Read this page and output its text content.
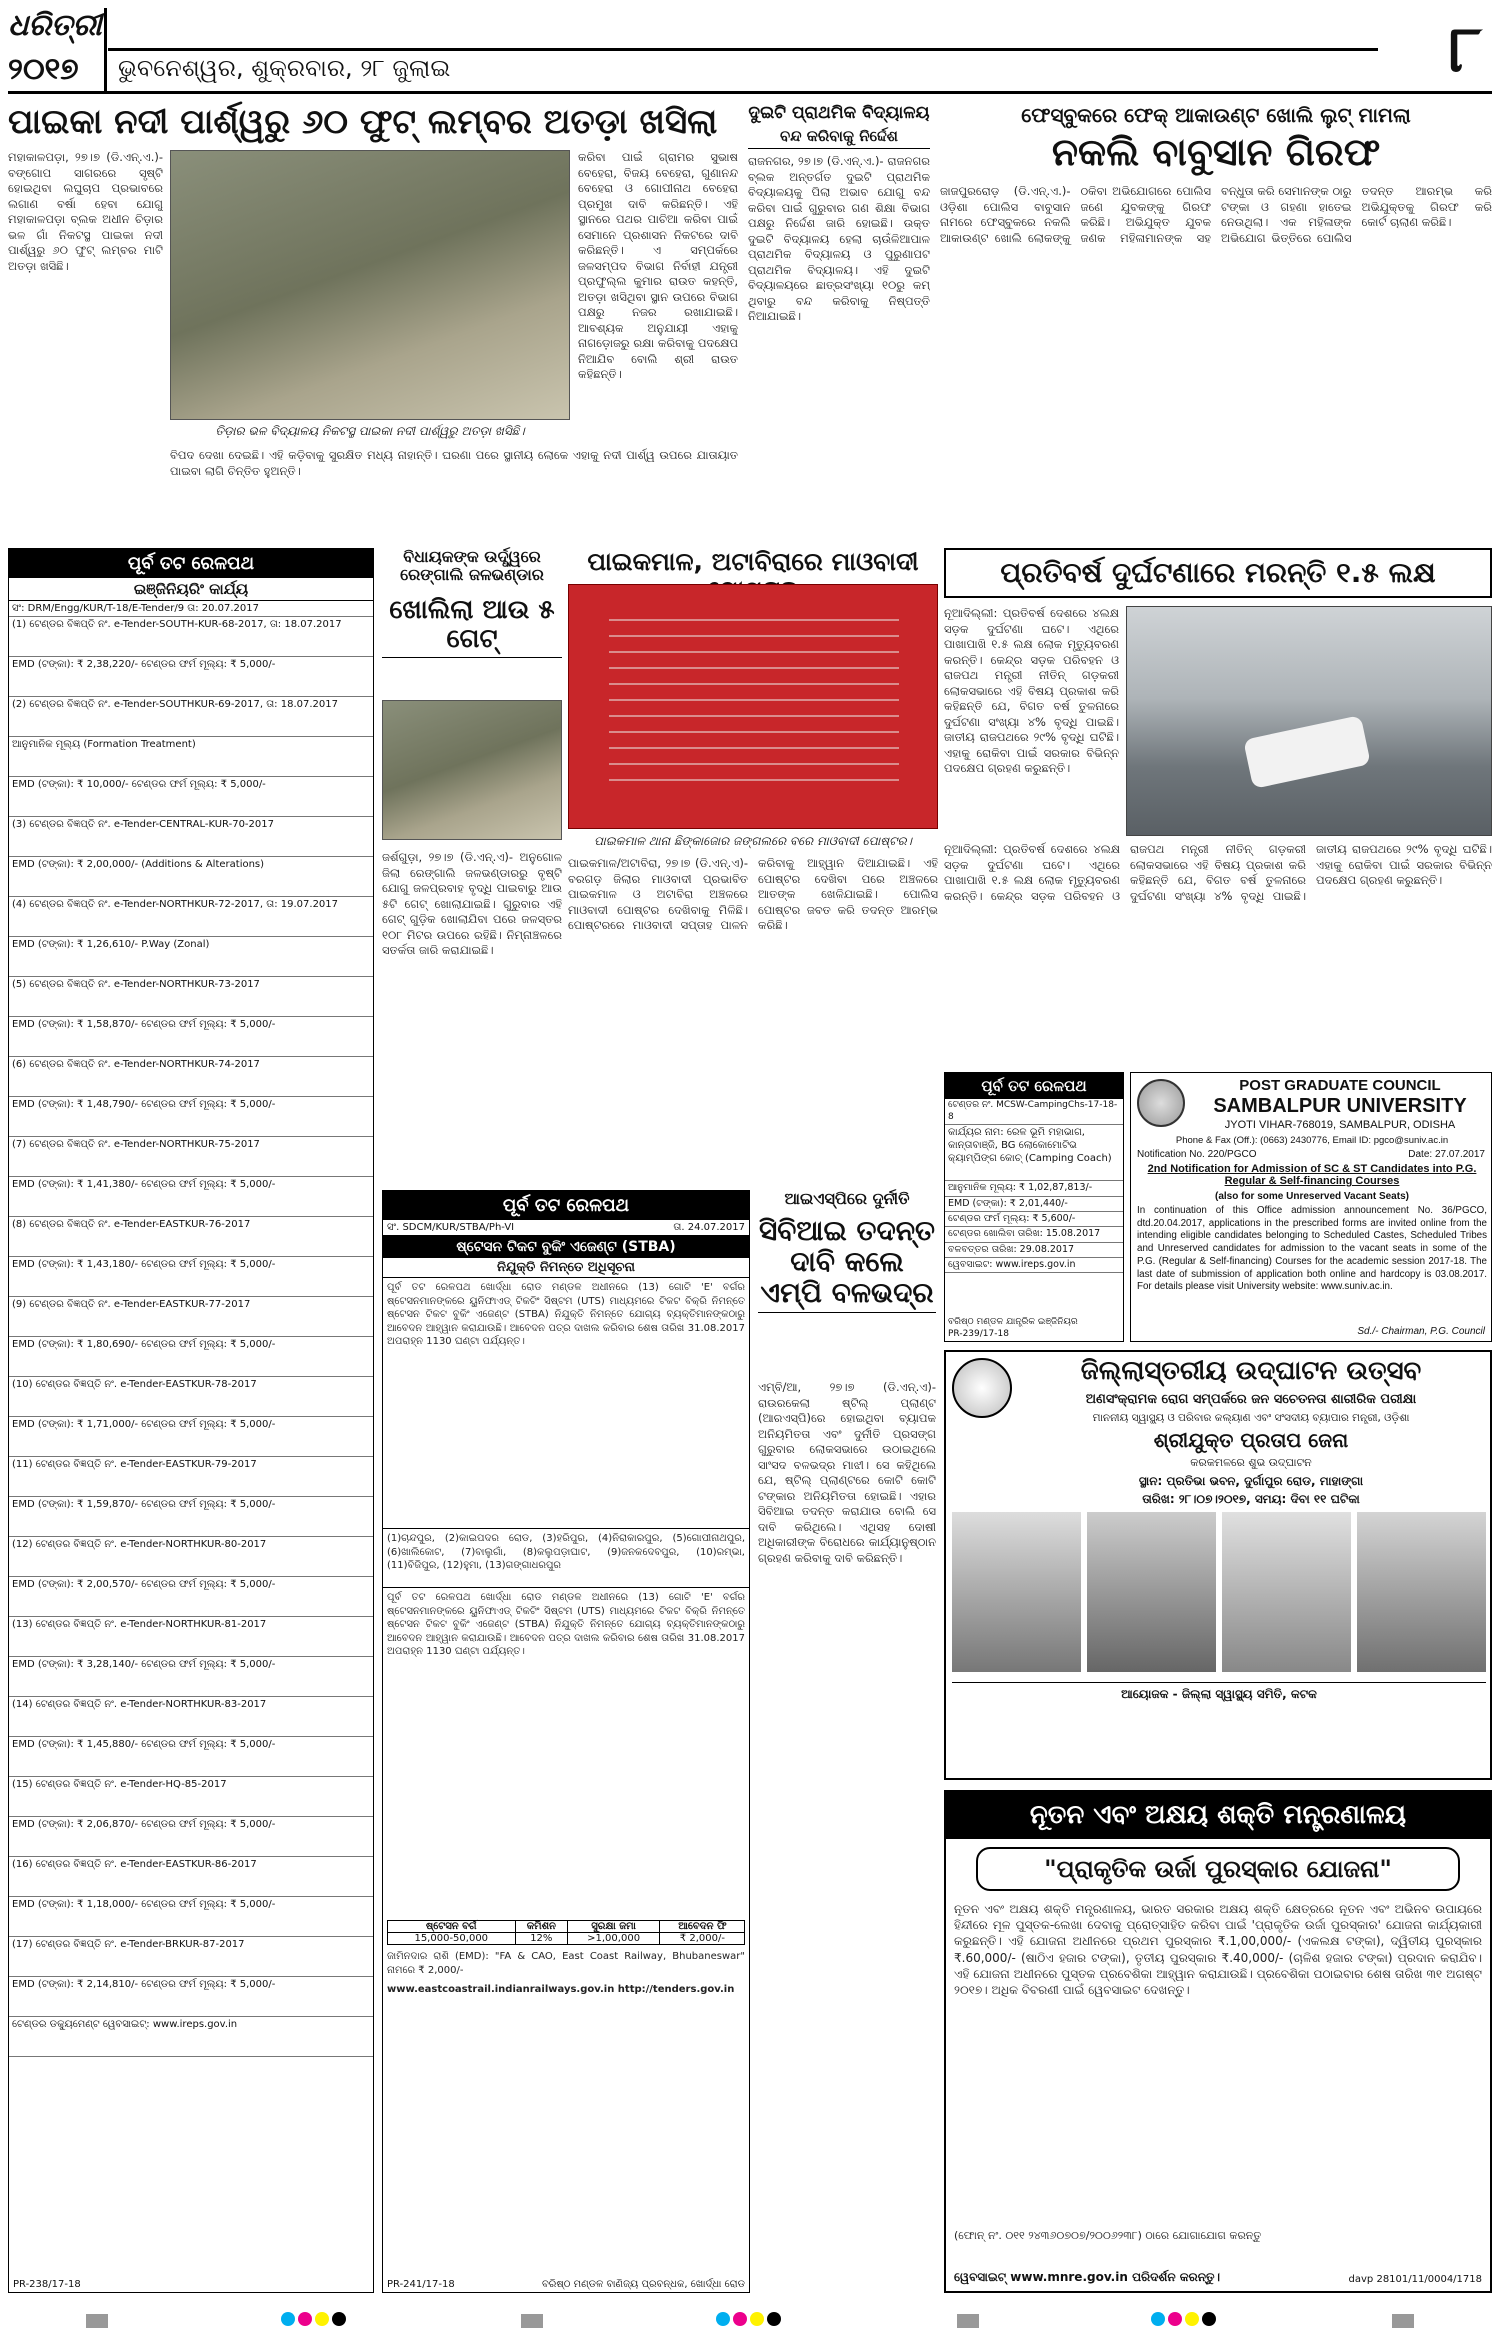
ଧରିତ୍ରୀ
୨୦୧୭ ଭୁବନେଶ୍ୱର, ଶୁକ୍ରବାର, ୨୮ ଜୁଲାଇ	୮
ପାଇକା ନଦୀ ପାର୍ଶ୍ୱରୁ ୬୦ ଫୁଟ୍ ଲମ୍ବର ଅତଡ଼ା ଖସିଲା
ମହାକାଳପଡ଼ା, ୨୭।୭ (ଡି.ଏନ୍.ଏ.)- ବଙ୍ଗୋପ ସାଗରରେ ସୃଷ୍ଟି ହୋଇଥିବା ଲଘୁଚାପ ପ୍ରଭାବରେ ଲଗାଣ ବର୍ଷା ହେବା ଯୋଗୁ ମହାକାଳପଡ଼ା ବ୍ଲକ ଅଧୀନ ଚିଡ଼ାର ଭଳ ଗାଁ ନିକଟସ୍ଥ ପାଇକା ନଦୀ ପାର୍ଶ୍ୱରୁ ୬୦ ଫୁଟ୍ ଲମ୍ବର ମାଟି ଅତଡ଼ା ଖସିଛି।
ତିଡ଼ାର ଭଳ ବିଦ୍ୟାଳୟ ନିକଟସ୍ଥ ପାଇକା ନଦୀ ପାର୍ଶ୍ୱରୁ ଅତଡ଼ା ଖସିଛି।
କରିବା ପାଇଁ ଗ୍ରାମର ସୁଭାଷ ବେହେରା, ବିଜୟ ବେହେରା, ଗୁଣାନନ୍ଦ ବେହେରା ଓ ଗୋପୀନାଥ ବେହେରା ପ୍ରମୁଖ ଦାବି କରିଛନ୍ତି। ଏହି ସ୍ଥାନରେ ପଥର ପାଚିଆ କରିବା ପାଇଁ ସେମାନେ ପ୍ରଶାସନ ନିକଟରେ ଦାବି କରିଛନ୍ତି। ଏ ସମ୍ପର୍କରେ ଜଳସମ୍ପଦ ବିଭାଗ ନିର୍ବାହୀ ଯନ୍ତ୍ରୀ ପ୍ରଫୁଲ୍ଲ କୁମାର ରାଉତ କହନ୍ତି, ଅତଡ଼ା ଖସିଥିବା ସ୍ଥାନ ଉପରେ ବିଭାଗ ପକ୍ଷରୁ ନଜର ରଖାଯାଇଛି। ଆବଶ୍ୟକ ଅନୁଯାୟୀ ଏହାକୁ ନାଗଡ଼ୋଜରୁ ରକ୍ଷା କରିବାକୁ ପଦକ୍ଷେପ ନିଆଯିବ ବୋଲି ଶ୍ରୀ ରାଉତ କହିଛନ୍ତି।
ବିପଦ ଦେଖା ଦେଇଛି। ଏହି କଡ଼ିବାକୁ ସୁରକ୍ଷିତ ମଧ୍ୟ ନାହାନ୍ତି। ଘରଣା ପରେ ସ୍ଥାନୀୟ ଲୋକେ ଏହାକୁ ନଦୀ ପାର୍ଶ୍ୱ ଉପରେ ଯାତାୟାତ ପାଇବା ଲାଗି ଚିନ୍ତିତ ହୁଅନ୍ତି।
ଦୁଇଟି ପ୍ରାଥମିକ ବିଦ୍ୟାଳୟ
ବନ୍ଦ କରିବାକୁ ନିର୍ଦ୍ଦେଶ
ରାଜନଗର, ୨୭।୭ (ଡି.ଏନ୍.ଏ.)- ରାଜନଗର ବ୍ଲକ ଅନ୍ତର୍ଗତ ଦୁଇଟି ପ୍ରାଥମିକ ବିଦ୍ୟାଳୟକୁ ପିଲା ଅଭାବ ଯୋଗୁ ବନ୍ଦ କରିବା ପାଇଁ ଗୁରୁବାର ଗଣ ଶିକ୍ଷା ବିଭାଗ ପକ୍ଷରୁ ନିର୍ଦ୍ଦେଶ ଜାରି ହୋଇଛି। ଉକ୍ତ ଦୁଇଟି ବିଦ୍ୟାଳୟ ହେଲା ଚାଉଁଳିଆପାଳ ପ୍ରାଥମିକ ବିଦ୍ୟାଳୟ ଓ ପୁରୁଣାପଟ ପ୍ରାଥମିକ ବିଦ୍ୟାଳୟ। ଏହି ଦୁଇଟି ବିଦ୍ୟାଳୟରେ ଛାତ୍ରସଂଖ୍ୟା ୧୦ରୁ କମ୍ ଥିବାରୁ ବନ୍ଦ କରିବାକୁ ନିଷ୍ପତ୍ତି ନିଆଯାଇଛି।
ଫେସ୍‌ବୁକରେ ଫେକ୍ ଆକାଉଣ୍ଟ ଖୋଲି ଲୁଟ୍ ମାମଲା
ନକଲି ବାବୁସାନ ଗିରଫ
ଜାଜପୁରରୋଡ଼ (ଡି.ଏନ୍.ଏ.)- ଓଡ଼ିଶା ପୋଲିସ ବାବୁସାନ ନାମରେ ଫେସ୍‌ବୁକରେ ନକଲି ଆକାଉଣ୍ଟ ଖୋଲି ଲୋକଙ୍କୁ ଠକିବା ଅଭିଯୋଗରେ ପୋଲିସ ଜଣେ ଯୁବକଙ୍କୁ ଗିରଫ କରିଛି। ଅଭିଯୁକ୍ତ ଯୁବକ ଜଣକ ମହିଳାମାନଙ୍କ ସହ ବନ୍ଧୁତା କରି ସେମାନଙ୍କ ଠାରୁ ଟଙ୍କା ଓ ଗହଣା ହାତେଇ ନେଉଥିଲା। ଏକ ମହିଳାଙ୍କ ଅଭିଯୋଗ ଭିତ୍ତିରେ ପୋଲିସ ତଦନ୍ତ ଆରମ୍ଭ କରି ଅଭିଯୁକ୍ତକୁ ଗିରଫ କରି କୋର୍ଟ ଚାଲାଣ କରିଛି।
ପୂର୍ବ ତଟ ରେଳପଥ
ଇଞ୍ଜିନିୟରିଂ କାର୍ଯ୍ୟ
ସଂ: DRM/Engg/KUR/T-18/E-Tender/9 ତା: 20.07.2017
(1) ଟେଣ୍ଡର ବିଜ୍ଞପ୍ତି ନଂ. e-Tender-SOUTH-KUR-68-2017, ତା: 18.07.2017
EMD (ଟଙ୍କା): ₹ 2,38,220/- ଟେଣ୍ଡର ଫର୍ମ ମୂଲ୍ୟ: ₹ 5,000/-
(2) ଟେଣ୍ଡର ବିଜ୍ଞପ୍ତି ନଂ. e-Tender-SOUTHKUR-69-2017, ତା: 18.07.2017
ଆନୁମାନିକ ମୂଲ୍ୟ (Formation Treatment)
EMD (ଟଙ୍କା): ₹ 10,000/- ଟେଣ୍ଡର ଫର୍ମ ମୂଲ୍ୟ: ₹ 5,000/-
(3) ଟେଣ୍ଡର ବିଜ୍ଞପ୍ତି ନଂ. e-Tender-CENTRAL-KUR-70-2017
EMD (ଟଙ୍କା): ₹ 2,00,000/- (Additions & Alterations)
(4) ଟେଣ୍ଡର ବିଜ୍ଞପ୍ତି ନଂ. e-Tender-NORTHKUR-72-2017, ତା: 19.07.2017
EMD (ଟଙ୍କା): ₹ 1,26,610/- P.Way (Zonal)
(5) ଟେଣ୍ଡର ବିଜ୍ଞପ୍ତି ନଂ. e-Tender-NORTHKUR-73-2017
EMD (ଟଙ୍କା): ₹ 1,58,870/- ଟେଣ୍ଡର ଫର୍ମ ମୂଲ୍ୟ: ₹ 5,000/-
(6) ଟେଣ୍ଡର ବିଜ୍ଞପ୍ତି ନଂ. e-Tender-NORTHKUR-74-2017
EMD (ଟଙ୍କା): ₹ 1,48,790/- ଟେଣ୍ଡର ଫର୍ମ ମୂଲ୍ୟ: ₹ 5,000/-
(7) ଟେଣ୍ଡର ବିଜ୍ଞପ୍ତି ନଂ. e-Tender-NORTHKUR-75-2017
EMD (ଟଙ୍କା): ₹ 1,41,380/- ଟେଣ୍ଡର ଫର୍ମ ମୂଲ୍ୟ: ₹ 5,000/-
(8) ଟେଣ୍ଡର ବିଜ୍ଞପ୍ତି ନଂ. e-Tender-EASTKUR-76-2017
EMD (ଟଙ୍କା): ₹ 1,43,180/- ଟେଣ୍ଡର ଫର୍ମ ମୂଲ୍ୟ: ₹ 5,000/-
(9) ଟେଣ୍ଡର ବିଜ୍ଞପ୍ତି ନଂ. e-Tender-EASTKUR-77-2017
EMD (ଟଙ୍କା): ₹ 1,80,690/- ଟେଣ୍ଡର ଫର୍ମ ମୂଲ୍ୟ: ₹ 5,000/-
(10) ଟେଣ୍ଡର ବିଜ୍ଞପ୍ତି ନଂ. e-Tender-EASTKUR-78-2017
EMD (ଟଙ୍କା): ₹ 1,71,000/- ଟେଣ୍ଡର ଫର୍ମ ମୂଲ୍ୟ: ₹ 5,000/-
(11) ଟେଣ୍ଡର ବିଜ୍ଞପ୍ତି ନଂ. e-Tender-EASTKUR-79-2017
EMD (ଟଙ୍କା): ₹ 1,59,870/- ଟେଣ୍ଡର ଫର୍ମ ମୂଲ୍ୟ: ₹ 5,000/-
(12) ଟେଣ୍ଡର ବିଜ୍ଞପ୍ତି ନଂ. e-Tender-NORTHKUR-80-2017
EMD (ଟଙ୍କା): ₹ 2,00,570/- ଟେଣ୍ଡର ଫର୍ମ ମୂଲ୍ୟ: ₹ 5,000/-
(13) ଟେଣ୍ଡର ବିଜ୍ଞପ୍ତି ନଂ. e-Tender-NORTHKUR-81-2017
EMD (ଟଙ୍କା): ₹ 3,28,140/- ଟେଣ୍ଡର ଫର୍ମ ମୂଲ୍ୟ: ₹ 5,000/-
(14) ଟେଣ୍ଡର ବିଜ୍ଞପ୍ତି ନଂ. e-Tender-NORTHKUR-83-2017
EMD (ଟଙ୍କା): ₹ 1,45,880/- ଟେଣ୍ଡର ଫର୍ମ ମୂଲ୍ୟ: ₹ 5,000/-
(15) ଟେଣ୍ଡର ବିଜ୍ଞପ୍ତି ନଂ. e-Tender-HQ-85-2017
EMD (ଟଙ୍କା): ₹ 2,06,870/- ଟେଣ୍ଡର ଫର୍ମ ମୂଲ୍ୟ: ₹ 5,000/-
(16) ଟେଣ୍ଡର ବିଜ୍ଞପ୍ତି ନଂ. e-Tender-EASTKUR-86-2017
EMD (ଟଙ୍କା): ₹ 1,18,000/- ଟେଣ୍ଡର ଫର୍ମ ମୂଲ୍ୟ: ₹ 5,000/-
(17) ଟେଣ୍ଡର ବିଜ୍ଞପ୍ତି ନଂ. e-Tender-BRKUR-87-2017
EMD (ଟଙ୍କା): ₹ 2,14,810/- ଟେଣ୍ଡର ଫର୍ମ ମୂଲ୍ୟ: ₹ 5,000/-
ଟେଣ୍ଡର ଡକ୍ୟୁମେଣ୍ଟ ୱେବସାଇଟ୍: www.ireps.gov.in
PR-238/17-18
ବିଧାୟକଙ୍କ ଉର୍ଦ୍ଧ୍ୱରେ ରେଙ୍ଗାଲି ଜଳଭଣ୍ଡାର
ଖୋଲିଲା ଆଉ ୫ ଗେଟ୍
ଜର୍ଶଗୁଡ଼ା, ୨୭।୭ (ଡି.ଏନ୍.ଏ)- ଅନୁଗୋଳ ଜିଲା ରେଙ୍ଗାଲି ଜଳଭଣ୍ଡାରରୁ ବୃଷ୍ଟି ଯୋଗୁ ଜଳପ୍ରବାହ ବୃଦ୍ଧି ପାଇବାରୁ ଆଉ ୫ଟି ଗେଟ୍ ଖୋଲାଯାଇଛି। ଗୁରୁବାର ଏହି ଗେଟ୍ ଗୁଡ଼ିକ ଖୋଲାଯିବା ପରେ ଜଳସ୍ତର ୧୦୮ ମିଟର ଉପରେ ରହିଛି। ନିମ୍ନାଞ୍ଚଳରେ ସତର୍କତା ଜାରି କରାଯାଇଛି।
ପାଇକମାଳ, ଅଟାବିରାରେ ମାଓବାଦୀ
ପାଇକମାଳ ଥାନା ଛିଙ୍କାଜୋର ଜଙ୍ଗଲରେ ବରେ ମାଓବାଦୀ ପୋଷ୍ଟର।
ପାଇକମାଳ/ଅଟାବିରା, ୨୭।୭ (ଡି.ଏନ୍.ଏ)- ବରଗଡ଼ ଜିଲାର ମାଓବାଦୀ ପ୍ରଭାବିତ ପାଇକମାଳ ଓ ଅଟାବିରା ଅଞ୍ଚଳରେ ମାଓବାଦୀ ପୋଷ୍ଟର ଦେଖିବାକୁ ମିଳିଛି। ପୋଷ୍ଟରରେ ମାଓବାଦୀ ସପ୍ତାହ ପାଳନ କରିବାକୁ ଆହ୍ୱାନ ଦିଆଯାଇଛି। ଏହି ପୋଷ୍ଟର ଦେଖିବା ପରେ ଅଞ୍ଚଳରେ ଆତଙ୍କ ଖେଳିଯାଇଛି। ପୋଲିସ ପୋଷ୍ଟର ଜବତ କରି ତଦନ୍ତ ଆରମ୍ଭ କରିଛି।
ପ୍ରତିବର୍ଷ ଦୁର୍ଘଟଣାରେ ମରନ୍ତି ୧.୫ ଲକ୍ଷ
ନୂଆଦିଲ୍ଲୀ: ପ୍ରତିବର୍ଷ ଦେଶରେ ୪ଲକ୍ଷ ସଡ଼କ ଦୁର୍ଘଟଣା ଘଟେ। ଏଥିରେ ପାଖାପାଖି ୧.୫ ଲକ୍ଷ ଲୋକ ମୃତ୍ୟୁବରଣ କରନ୍ତି। କେନ୍ଦ୍ର ସଡ଼କ ପରିବହନ ଓ ରାଜପଥ ମନ୍ତ୍ରୀ ନୀତିନ୍ ଗଡ଼କରୀ ଲୋକସଭାରେ ଏହି ବିଷୟ ପ୍ରକାଶ କରି କହିଛନ୍ତି ଯେ, ବିଗତ ବର୍ଷ ତୁଳନାରେ ଦୁର୍ଘଟଣା ସଂଖ୍ୟା ୪% ବୃଦ୍ଧି ପାଇଛି। ଜାତୀୟ ରାଜପଥରେ ୨୯% ବୃଦ୍ଧି ଘଟିଛି। ଏହାକୁ ରୋକିବା ପାଇଁ ସରକାର ବିଭିନ୍ନ ପଦକ୍ଷେପ ଗ୍ରହଣ କରୁଛନ୍ତି।
ନୂଆଦିଲ୍ଲୀ: ପ୍ରତିବର୍ଷ ଦେଶରେ ୪ଲକ୍ଷ ସଡ଼କ ଦୁର୍ଘଟଣା ଘଟେ। ଏଥିରେ ପାଖାପାଖି ୧.୫ ଲକ୍ଷ ଲୋକ ମୃତ୍ୟୁବରଣ କରନ୍ତି। କେନ୍ଦ୍ର ସଡ଼କ ପରିବହନ ଓ ରାଜପଥ ମନ୍ତ୍ରୀ ନୀତିନ୍ ଗଡ଼କରୀ ଲୋକସଭାରେ ଏହି ବିଷୟ ପ୍ରକାଶ କରି କହିଛନ୍ତି ଯେ, ବିଗତ ବର୍ଷ ତୁଳନାରେ ଦୁର୍ଘଟଣା ସଂଖ୍ୟା ୪% ବୃଦ୍ଧି ପାଇଛି। ଜାତୀୟ ରାଜପଥରେ ୨୯% ବୃଦ୍ଧି ଘଟିଛି। ଏହାକୁ ରୋକିବା ପାଇଁ ସରକାର ବିଭିନ୍ନ ପଦକ୍ଷେପ ଗ୍ରହଣ କରୁଛନ୍ତି।
ପୂର୍ବ ତଟ ରେଳପଥ
ସଂ. SDCM/KUR/STBA/Ph-VI	ତା. 24.07.2017
ଷ୍ଟେସନ ଟିକଟ ବୁକିଂ ଏଜେଣ୍ଟ (STBA)
ନିଯୁକ୍ତି ନିମନ୍ତେ ଅଧିସୂଚନା
ପୂର୍ବ ତଟ ରେଳପଥ ଖୋର୍ଦ୍ଧା ରୋଡ ମଣ୍ଡଳ ଅଧୀନରେ (13) ଗୋଟି 'E' ବର୍ଗର ଷ୍ଟେସନମାନଙ୍କରେ ୟୁନିଫାଏଡ୍ ଟିକଟିଂ ସିଷ୍ଟମ (UTS) ମାଧ୍ୟମରେ ଟିକଟ ବିକ୍ରି ନିମନ୍ତେ ଷ୍ଟେସନ ଟିକଟ ବୁକିଂ ଏଜେଣ୍ଟ (STBA) ନିଯୁକ୍ତି ନିମନ୍ତେ ଯୋଗ୍ୟ ବ୍ୟକ୍ତିମାନଙ୍କଠାରୁ ଆବେଦନ ଆହ୍ୱାନ କରାଯାଉଛି। ଆବେଦନ ପତ୍ର ଦାଖଲ କରିବାର ଶେଷ ତାରିଖ 31.08.2017 ଅପରାହ୍ନ 1130 ଘଣ୍ଟା ପର୍ଯ୍ୟନ୍ତ।
(1)ଚାନ୍ଦପୁର, (2)କାଇପଦର ରୋଡ, (3)ହରିପୁର, (4)ନିରାକାରପୁର, (5)ଗୋପୀନାଥପୁର, (6)ଖାଲିକୋଟ, (7)ବାଲୁଗାଁ, (8)କଲୁପଡ଼ାଘାଟ, (9)ଜନକଦେବପୁର, (10)ରମ୍ଭା, (11)ବିଜିପୁର, (12)ହୁମା, (13)ଗଙ୍ଗାଧରପୁର
ପୂର୍ବ ତଟ ରେଳପଥ ଖୋର୍ଦ୍ଧା ରୋଡ ମଣ୍ଡଳ ଅଧୀନରେ (13) ଗୋଟି 'E' ବର୍ଗର ଷ୍ଟେସନମାନଙ୍କରେ ୟୁନିଫାଏଡ୍ ଟିକଟିଂ ସିଷ୍ଟମ (UTS) ମାଧ୍ୟମରେ ଟିକଟ ବିକ୍ରି ନିମନ୍ତେ ଷ୍ଟେସନ ଟିକଟ ବୁକିଂ ଏଜେଣ୍ଟ (STBA) ନିଯୁକ୍ତି ନିମନ୍ତେ ଯୋଗ୍ୟ ବ୍ୟକ୍ତିମାନଙ୍କଠାରୁ ଆବେଦନ ଆହ୍ୱାନ କରାଯାଉଛି। ଆବେଦନ ପତ୍ର ଦାଖଲ କରିବାର ଶେଷ ତାରିଖ 31.08.2017 ଅପରାହ୍ନ 1130 ଘଣ୍ଟା ପର୍ଯ୍ୟନ୍ତ।
ଷ୍ଟେସନ ବର୍ଗ	କମିଶନ	ସୁରକ୍ଷା ଜମା	ଆବେଦନ ଫି
15,000-50,000	12%	>1,00,000	₹ 2,000/-
ଜାମିନଦାର ରାଶି (EMD): "FA & CAO, East Coast Railway, Bhubaneswar" ନାମରେ ₹ 2,000/-
www.eastcoastrail.indianrailways.gov.in http://tenders.gov.in
PR-241/17-18	ବରିଷ୍ଠ ମଣ୍ଡଳ ବାଣିଜ୍ୟ ପ୍ରବନ୍ଧକ, ଖୋର୍ଦ୍ଧା ରୋଡ
ଆଇଏସ୍‌ପିରେ ଦୁର୍ନୀତି
ସିବିଆଇ ତଦନ୍ତ ଦାବି କଲେ ଏମ୍‌ପି ବଳଭଦ୍ର
ଏମ୍‌ବି/ଆ, ୨୭।୭ (ଡି.ଏନ୍.ଏ)- ରାଉରକେଲା ଷ୍ଟିଲ୍ ପ୍ଲାଣ୍ଟ (ଆରଏସ୍‌ପି)ରେ ହୋଇଥିବା ବ୍ୟାପକ ଅନିୟମିତତା ଏବଂ ଦୁର୍ନୀତି ପ୍ରସଙ୍ଗ ଗୁରୁବାର ଲୋକସଭାରେ ଉଠାଇଥିଲେ ସାଂସଦ ବଳଭଦ୍ର ମାଝୀ। ସେ କହିଥିଲେ ଯେ, ଷ୍ଟିଲ୍ ପ୍ଲାଣ୍ଟରେ କୋଟି କୋଟି ଟଙ୍କାର ଅନିୟମିତତା ହୋଇଛି। ଏହାର ସିବିଆଇ ତଦନ୍ତ କରାଯାଉ ବୋଲି ସେ ଦାବି କରିଥିଲେ। ଏଥିସହ ଦୋଷୀ ଅଧିକାରୀଙ୍କ ବିରୋଧରେ କାର୍ଯ୍ୟାନୁଷ୍ଠାନ ଗ୍ରହଣ କରିବାକୁ ଦାବି କରିଛନ୍ତି।
ପୂର୍ବ ତଟ ରେଳପଥ
ଟେଣ୍ଡର ନଂ. MCSW-CampingChs-17-18-8
କାର୍ଯ୍ୟର ନାମ: ରେଳ ଭୂମି ମହାଭାଗ, କାନ୍ତାବାଞ୍ଜି, BG ଲୋକୋମୋଟିଭ କ୍ୟାମ୍ପିଙ୍ଗ କୋଚ୍ (Camping Coach)
ଆନୁମାନିକ ମୂଲ୍ୟ: ₹ 1,02,87,813/-
EMD (ଟଙ୍କା): ₹ 2,01,440/-
ଟେଣ୍ଡର ଫର୍ମ ମୂଲ୍ୟ: ₹ 5,600/-
ଟେଣ୍ଡର ଖୋଲିବା ତାରିଖ: 15.08.2017
ବଳବତ୍ତର ତାରିଖ: 29.08.2017
ୱେବସାଇଟ: www.ireps.gov.in
ବରିଷ୍ଠ ମଣ୍ଡଳ ଯାନ୍ତ୍ରିକ ଇଞ୍ଜିନିୟର
PR-239/17-18
POST GRADUATE COUNCIL
SAMBALPUR UNIVERSITY
JYOTI VIHAR-768019, SAMBALPUR, ODISHA
Phone & Fax (Off.): (0663) 2430776, Email ID: pgco@suniv.ac.in
Notification No. 220/PGCO	Date: 27.07.2017
2nd Notification for Admission of SC & ST Candidates into P.G. Regular & Self-financing Courses
(also for some Unreserved Vacant Seats)
In continuation of this Office admission announcement No. 36/PGCO, dtd.20.04.2017, applications in the prescribed forms are invited online from the intending eligible candidates belonging to Scheduled Castes, Scheduled Tribes and Unreserved candidates for admission to the vacant seats in some of the P.G. (Regular & Self-financing) Courses for the academic session 2017-18. The last date of submission of application both online and hardcopy is 03.08.2017. For details please visit University website: www.suniv.ac.in.
Sd./- Chairman, P.G. Council
ଜିଲ୍ଲାସ୍ତରୀୟ ଉଦ୍‌ଘାଟନ ଉତ୍ସବ
ଅଣସଂକ୍ରାମକ ରୋଗ ସମ୍ପର୍କରେ ଜନ ସଚେତନତା ଶାରୀରିକ ପରୀକ୍ଷା
ମାନନୀୟ ସ୍ୱାସ୍ଥ୍ୟ ଓ ପରିବାର କଲ୍ୟାଣ ଏବଂ ସଂସଦୀୟ ବ୍ୟାପାର ମନ୍ତ୍ରୀ, ଓଡ଼ିଶା
ଶ୍ରୀଯୁକ୍ତ ପ୍ରତାପ ଜେନା
କରକମଳରେ ଶୁଭ ଉଦ୍‌ଘାଟନ
ସ୍ଥାନ: ପ୍ରତିଭା ଭବନ, ଦୁର୍ଗାପୁର ରୋଡ, ମାହାଙ୍ଗା
ତାରିଖ: ୨୮।୦୭।୨୦୧୭, ସମୟ: ଦିବା ୧୧ ଘଟିକା
ଆୟୋଜକ - ଜିଲ୍ଲା ସ୍ୱାସ୍ଥ୍ୟ ସମିତି, କଟକ
ନୂତନ ଏବଂ ଅକ୍ଷୟ ଶକ୍ତି ମନ୍ତ୍ରଣାଳୟ
"ପ୍ରାକୃତିକ ଉର୍ଜା ପୁରସ୍କାର ଯୋଜନା"
ନୂତନ ଏବଂ ଅକ୍ଷୟ ଶକ୍ତି ମନ୍ତ୍ରଣାଳୟ, ଭାରତ ସରକାର ଅକ୍ଷୟ ଶକ୍ତି କ୍ଷେତ୍ରରେ ନୂତନ ଏବଂ ଅଭିନବ ଉପାୟରେ ହିନ୍ଦୀରେ ମୂଳ ପୁସ୍ତକ-ଲେଖା ଦେବାକୁ ପ୍ରୋତ୍ସାହିତ କରିବା ପାଇଁ 'ପ୍ରାକୃତିକ ଉର୍ଜା ପୁରସ୍କାର' ଯୋଜନା କାର୍ଯ୍ୟକାରୀ କରୁଛନ୍ତି। ଏହି ଯୋଜନା ଅଧୀନରେ ପ୍ରଥମ ପୁରସ୍କାର ₹.1,00,000/- (ଏକଲକ୍ଷ ଟଙ୍କା), ଦ୍ୱିତୀୟ ପୁରସ୍କାର ₹.60,000/- (ଷାଠିଏ ହଜାର ଟଙ୍କା), ତୃତୀୟ ପୁରସ୍କାର ₹.40,000/- (ଚାଳିଶ ହଜାର ଟଙ୍କା) ପ୍ରଦାନ କରାଯିବ। ଏହି ଯୋଜନା ଅଧୀନରେ ପୁସ୍ତକ ପ୍ରବେଶିକା ଆହ୍ୱାନ କରାଯାଉଛି। ପ୍ରବେଶିକା ପଠାଇବାର ଶେଷ ତାରିଖ ୩୧ ଅଗଷ୍ଟ ୨୦୧୭। ଅଧିକ ବିବରଣୀ ପାଇଁ ୱେବସାଇଟ ଦେଖନ୍ତୁ।
(ଫୋନ୍ ନଂ. ୦୧୧ ୨୪୩୬୦୭୦୭/୨୦୦୬୨୩୮) ଠାରେ ଯୋଗାଯୋଗ କରନ୍ତୁ
ୱେବସାଇଟ୍ www.mnre.gov.in ପରିଦର୍ଶନ କରନ୍ତୁ।	davp 28101/11/0004/1718
